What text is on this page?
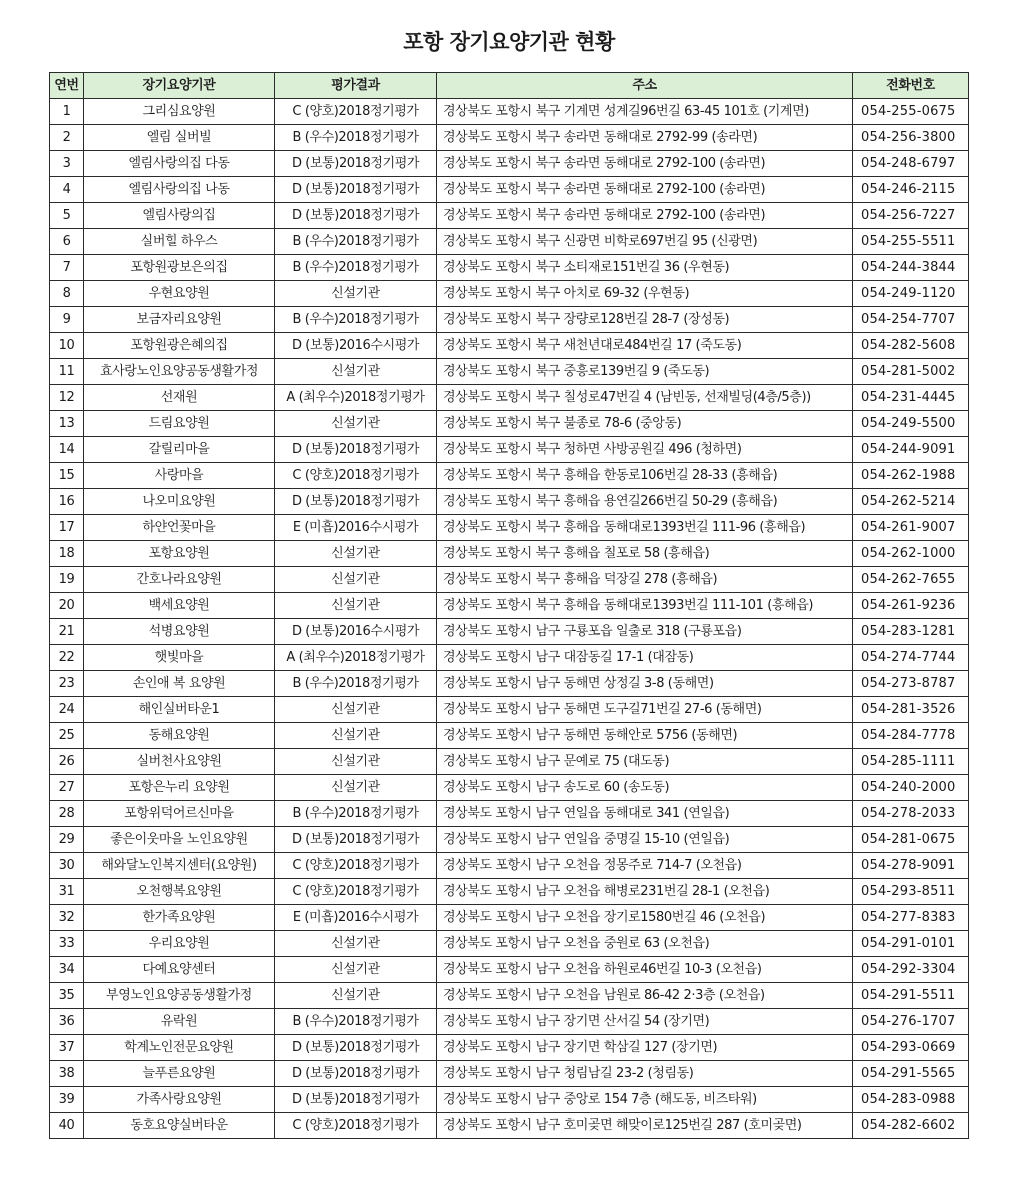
포항 장기요양기관 현황
연번	장기요양기관	평가결과	주소	전화번호
1	그리심요양원	C (양호)2018정기평가	경상북도 포항시 북구 기계면 성계길96번길 63-45 101호 (기계면)	054-255-0675
2	엘림 실버빌	B (우수)2018정기평가	경상북도 포항시 북구 송라면 동해대로 2792-99 (송라면)	054-256-3800
3	엘림사랑의집 다동	D (보통)2018정기평가	경상북도 포항시 북구 송라면 동해대로 2792-100 (송라면)	054-248-6797
4	엘림사랑의집 나동	D (보통)2018정기평가	경상북도 포항시 북구 송라면 동해대로 2792-100 (송라면)	054-246-2115
5	엘림사랑의집	D (보통)2018정기평가	경상북도 포항시 북구 송라면 동해대로 2792-100 (송라면)	054-256-7227
6	실버힐 하우스	B (우수)2018정기평가	경상북도 포항시 북구 신광면 비학로697번길 95 (신광면)	054-255-5511
7	포항원광보은의집	B (우수)2018정기평가	경상북도 포항시 북구 소티재로151번길 36 (우현동)	054-244-3844
8	우현요양원	신설기관	경상북도 포항시 북구 아치로 69-32 (우현동)	054-249-1120
9	보금자리요양원	B (우수)2018정기평가	경상북도 포항시 북구 장량로128번길 28-7 (장성동)	054-254-7707
10	포항원광은혜의집	D (보통)2016수시평가	경상북도 포항시 북구 새천년대로484번길 17 (죽도동)	054-282-5608
11	효사랑노인요양공동생활가정	신설기관	경상북도 포항시 북구 중흥로139번길 9 (죽도동)	054-281-5002
12	선재원	A (최우수)2018정기평가	경상북도 포항시 북구 칠성로47번길 4 (남빈동, 선재빌딩(4층/5층))	054-231-4445
13	드림요양원	신설기관	경상북도 포항시 북구 불종로 78-6 (중앙동)	054-249-5500
14	갈릴리마을	D (보통)2018정기평가	경상북도 포항시 북구 청하면 사방공원길 496 (청하면)	054-244-9091
15	사랑마을	C (양호)2018정기평가	경상북도 포항시 북구 흥해읍 한동로106번길 28-33 (흥해읍)	054-262-1988
16	나오미요양원	D (보통)2018정기평가	경상북도 포항시 북구 흥해읍 용연길266번길 50-29 (흥해읍)	054-262-5214
17	하얀언꽃마을	E (미흡)2016수시평가	경상북도 포항시 북구 흥해읍 동해대로1393번길 111-96 (흥해읍)	054-261-9007
18	포항요양원	신설기관	경상북도 포항시 북구 흥해읍 칠포로 58 (흥해읍)	054-262-1000
19	간호나라요양원	신설기관	경상북도 포항시 북구 흥해읍 덕장길 278 (흥해읍)	054-262-7655
20	백세요양원	신설기관	경상북도 포항시 북구 흥해읍 동해대로1393번길 111-101 (흥해읍)	054-261-9236
21	석병요양원	D (보통)2016수시평가	경상북도 포항시 남구 구룡포읍 일출로 318 (구룡포읍)	054-283-1281
22	햇빛마을	A (최우수)2018정기평가	경상북도 포항시 남구 대잠동길 17-1 (대잠동)	054-274-7744
23	손인애 복 요양원	B (우수)2018정기평가	경상북도 포항시 남구 동해면 상정길 3-8 (동해면)	054-273-8787
24	해인실버타운1	신설기관	경상북도 포항시 남구 동해면 도구길71번길 27-6 (동해면)	054-281-3526
25	동해요양원	신설기관	경상북도 포항시 남구 동해면 동해안로 5756 (동해면)	054-284-7778
26	실버천사요양원	신설기관	경상북도 포항시 남구 문예로 75 (대도동)	054-285-1111
27	포항은누리 요양원	신설기관	경상북도 포항시 남구 송도로 60 (송도동)	054-240-2000
28	포항위덕어르신마을	B (우수)2018정기평가	경상북도 포항시 남구 연일읍 동해대로 341 (연일읍)	054-278-2033
29	좋은이웃마을 노인요양원	D (보통)2018정기평가	경상북도 포항시 남구 연일읍 중명길 15-10 (연일읍)	054-281-0675
30	해와달노인복지센터(요양원)	C (양호)2018정기평가	경상북도 포항시 남구 오천읍 정몽주로 714-7 (오천읍)	054-278-9091
31	오천행복요양원	C (양호)2018정기평가	경상북도 포항시 남구 오천읍 해병로231번길 28-1 (오천읍)	054-293-8511
32	한가족요양원	E (미흡)2016수시평가	경상북도 포항시 남구 오천읍 장기로1580번길 46 (오천읍)	054-277-8383
33	우리요양원	신설기관	경상북도 포항시 남구 오천읍 중원로 63 (오천읍)	054-291-0101
34	다예요양센터	신설기관	경상북도 포항시 남구 오천읍 하원로46번길 10-3 (오천읍)	054-292-3304
35	부영노인요양공동생활가정	신설기관	경상북도 포항시 남구 오천읍 남원로 86-42 2·3층 (오천읍)	054-291-5511
36	유락원	B (우수)2018정기평가	경상북도 포항시 남구 장기면 산서길 54 (장기면)	054-276-1707
37	학계노인전문요양원	D (보통)2018정기평가	경상북도 포항시 남구 장기면 학삼길 127 (장기면)	054-293-0669
38	늘푸른요양원	D (보통)2018정기평가	경상북도 포항시 남구 청림남길 23-2 (청림동)	054-291-5565
39	가족사랑요양원	D (보통)2018정기평가	경상북도 포항시 남구 중앙로 154 7층 (해도동, 비즈타워)	054-283-0988
40	동호요양실버타운	C (양호)2018정기평가	경상북도 포항시 남구 호미곶면 해맞이로125번길 287 (호미곶면)	054-282-6602
